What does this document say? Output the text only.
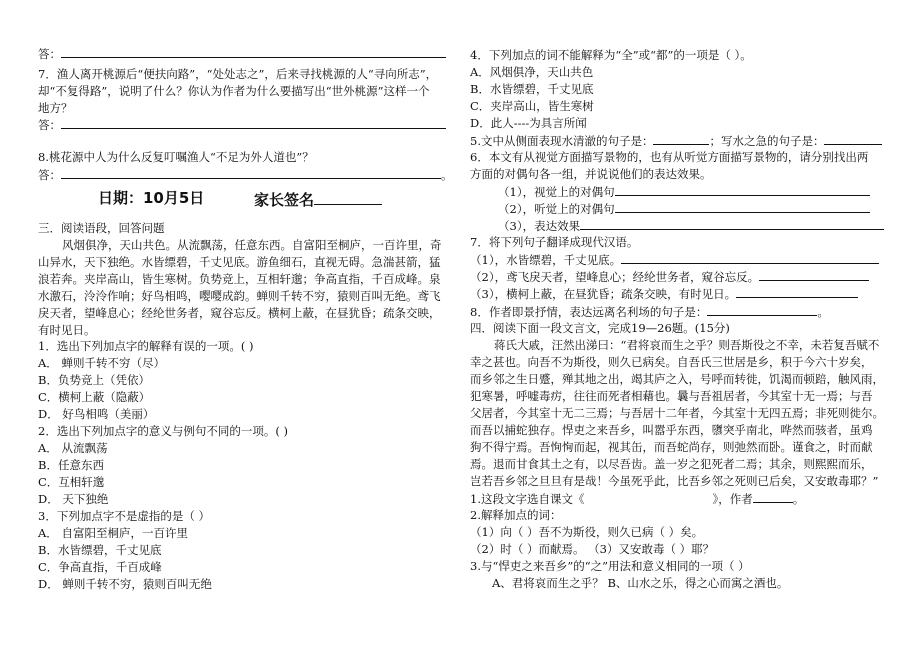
答：
7．渔人离开桃源后“便扶向路”，“处处志之”，后来寻找桃源的人“寻向所志”，
却“不复得路”，说明了什么？你认为作者为什么要描写出“世外桃源”这样一个
地方？
答：
8.桃花源中人为什么反复叮嘱渔人“不足为外人道也”？
答：	。
日期：10月5日	家长签名
三．阅读语段，回答问题
风烟俱净，天山共色。从流飘荡，任意东西。自富阳至桐庐，一百许里，奇
山异水，天下独绝。水皆缥碧，千丈见底。游鱼细石，直视无碍。急湍甚箭，猛
浪若奔。夹岸高山，皆生寒树。负势竞上，互相轩邈；争高直指，千百成峰。泉
水激石，泠泠作响；好鸟相鸣，嘤嘤成韵。蝉则千转不穷，猿则百叫无绝。鸢飞
戾天者，望峰息心；经纶世务者，窥谷忘反。横柯上蔽，在昼犹昏；疏条交映，
有时见日。
1．选出下列加点字的解释有误的一项。( )
A． 蝉则千转不穷（尽）
B．负势竞上（凭依）
C．横柯上蔽（隐蔽）
D． 好鸟相鸣（美丽）
2．选出下列加点字的意义与例句不同的一项。( )
A． 从流飘荡
B．任意东西
C．互相轩邈
D． 天下独绝
3．下列加点字不是虚指的是（ ）
A． 自富阳至桐庐，一百许里
B．水皆缥碧，千丈见底
C．争高直指，千百成峰
D． 蝉则千转不穷，猿则百叫无绝
4．下列加点的词不能解释为“全”或“都”的一项是（ ）。
A．风烟俱净，天山共色
B．水皆缥碧，千丈见底
C．夹岸高山，皆生寒树
D．此人----为具言所闻
5.文中从侧面表现水清澈的句子是：	；写水之急的句子是：
6．本文有从视觉方面描写景物的，也有从听觉方面描写景物的，请分别找出两
方面的对偶句各一组，并说说他们的表达效果。
（1），视觉上的对偶句
（2），听觉上的对偶句
（3），表达效果
7．将下列句子翻译成现代汉语。
（1），水皆缥碧，千丈见底。
（2），鸢飞戾天者，望峰息心；经纶世务者，窥谷忘反。
（3），横柯上蔽，在昼犹昏；疏条交映，有时见日。
8．作者即景抒情，表达远离名利场的句子是：	。
四．阅读下面一段文言文，完成19—26题。(15分)
蒋氏大戚，汪然出涕曰：“君将哀而生之乎？则吾斯役之不幸，未若复吾赋不
幸之甚也。向吾不为斯役，则久已病矣。自吾氏三世居是乡，积于今六十岁矣，
而乡邻之生日蹙，殚其地之出，竭其庐之入，号呼而转徙，饥渴而顿踣，触风雨，
犯寒暑，呼嘘毒疠，往往而死者相藉也。曩与吾祖居者，今其室十无一焉；与吾
父居者，今其室十无二三焉；与吾居十二年者，今其室十无四五焉；非死则徙尔。
而吾以捕蛇独存。悍吏之来吾乡，叫嚣乎东西，隳突乎南北，哗然而骇者，虽鸡
狗不得宁焉。吾恂恂而起，视其缶，而吾蛇尚存，则弛然而卧。谨食之，时而献
焉。退而甘食其土之有，以尽吾齿。盖一岁之犯死者二焉；其余，则熙熙而乐，
岂若吾乡邻之旦旦有是哉！今虽死乎此，比吾乡邻之死则已后矣，又安敢毒耶？”
1.这段文字选自课文《	》，作者	。
2.解释加点的词：
（1）向（ ）吾不为斯役，则久已病（ ）矣。
（2）时（ ）而献焉。 （3）又安敢毒（ ）耶？
3.与“悍吏之来吾乡”的“之”用法和意义相同的一项（ ）
A、君将哀而生之乎？ B、山水之乐，得之心而寓之酒也。
